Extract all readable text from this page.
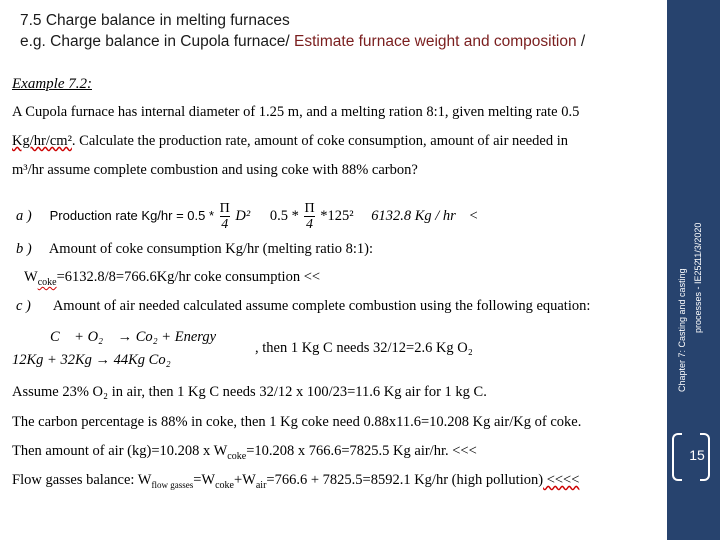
7.5 Charge balance in melting furnaces
e.g. Charge balance in Cupola furnace/ Estimate furnace weight and composition /
Example 7.2:
A Cupola furnace has internal diameter of 1.25 m, and a melting ration 8:1, given melting rate 0.5
Kg/hr/cm². Calculate the production rate, amount of coke consumption, amount of air needed in
m³/hr assume complete combustion and using coke with 88% carbon?
a ) Production rate $Kg/hr = 0.5 * \frac{\Pi}{4} D^2$ $0.5 * \frac{\Pi}{4} *125^2$ 6132.8 Kg / hr <
b ) Amount of coke consumption Kg/hr (melting ratio 8:1):
$W_{coke}=6132.8/8=766.6Kg/hr$ coke consumption <<
c ) Amount of air needed calculated assume complete combustion using the following equation:
C    + O₂    → Co₂ + Energy
12Kg + 32Kg → 44Kg Co₂
, then 1 Kg C needs 32/12=2.6 Kg O₂
Assume 23% O₂ in air, then 1 Kg C needs 32/12 x 100/23=11.6 Kg air for 1 kg C.
The carbon percentage is 88% in coke, then 1 Kg coke need 0.88x11.6=10.208 Kg air/Kg of coke.
Then amount of air (kg)=10.208 x $W_{coke}=10.208$ x 766.6=7825.5 Kg air/hr. <<<
Flow gasses balance: $W_{flow gasses}=W_{coke}+W_{air}=766.6 + 7825.5=8592.1$ Kg/hr (high pollution) <<<<
11/3/2020
Chapter 7: Casting and casting processes - IE252
15
